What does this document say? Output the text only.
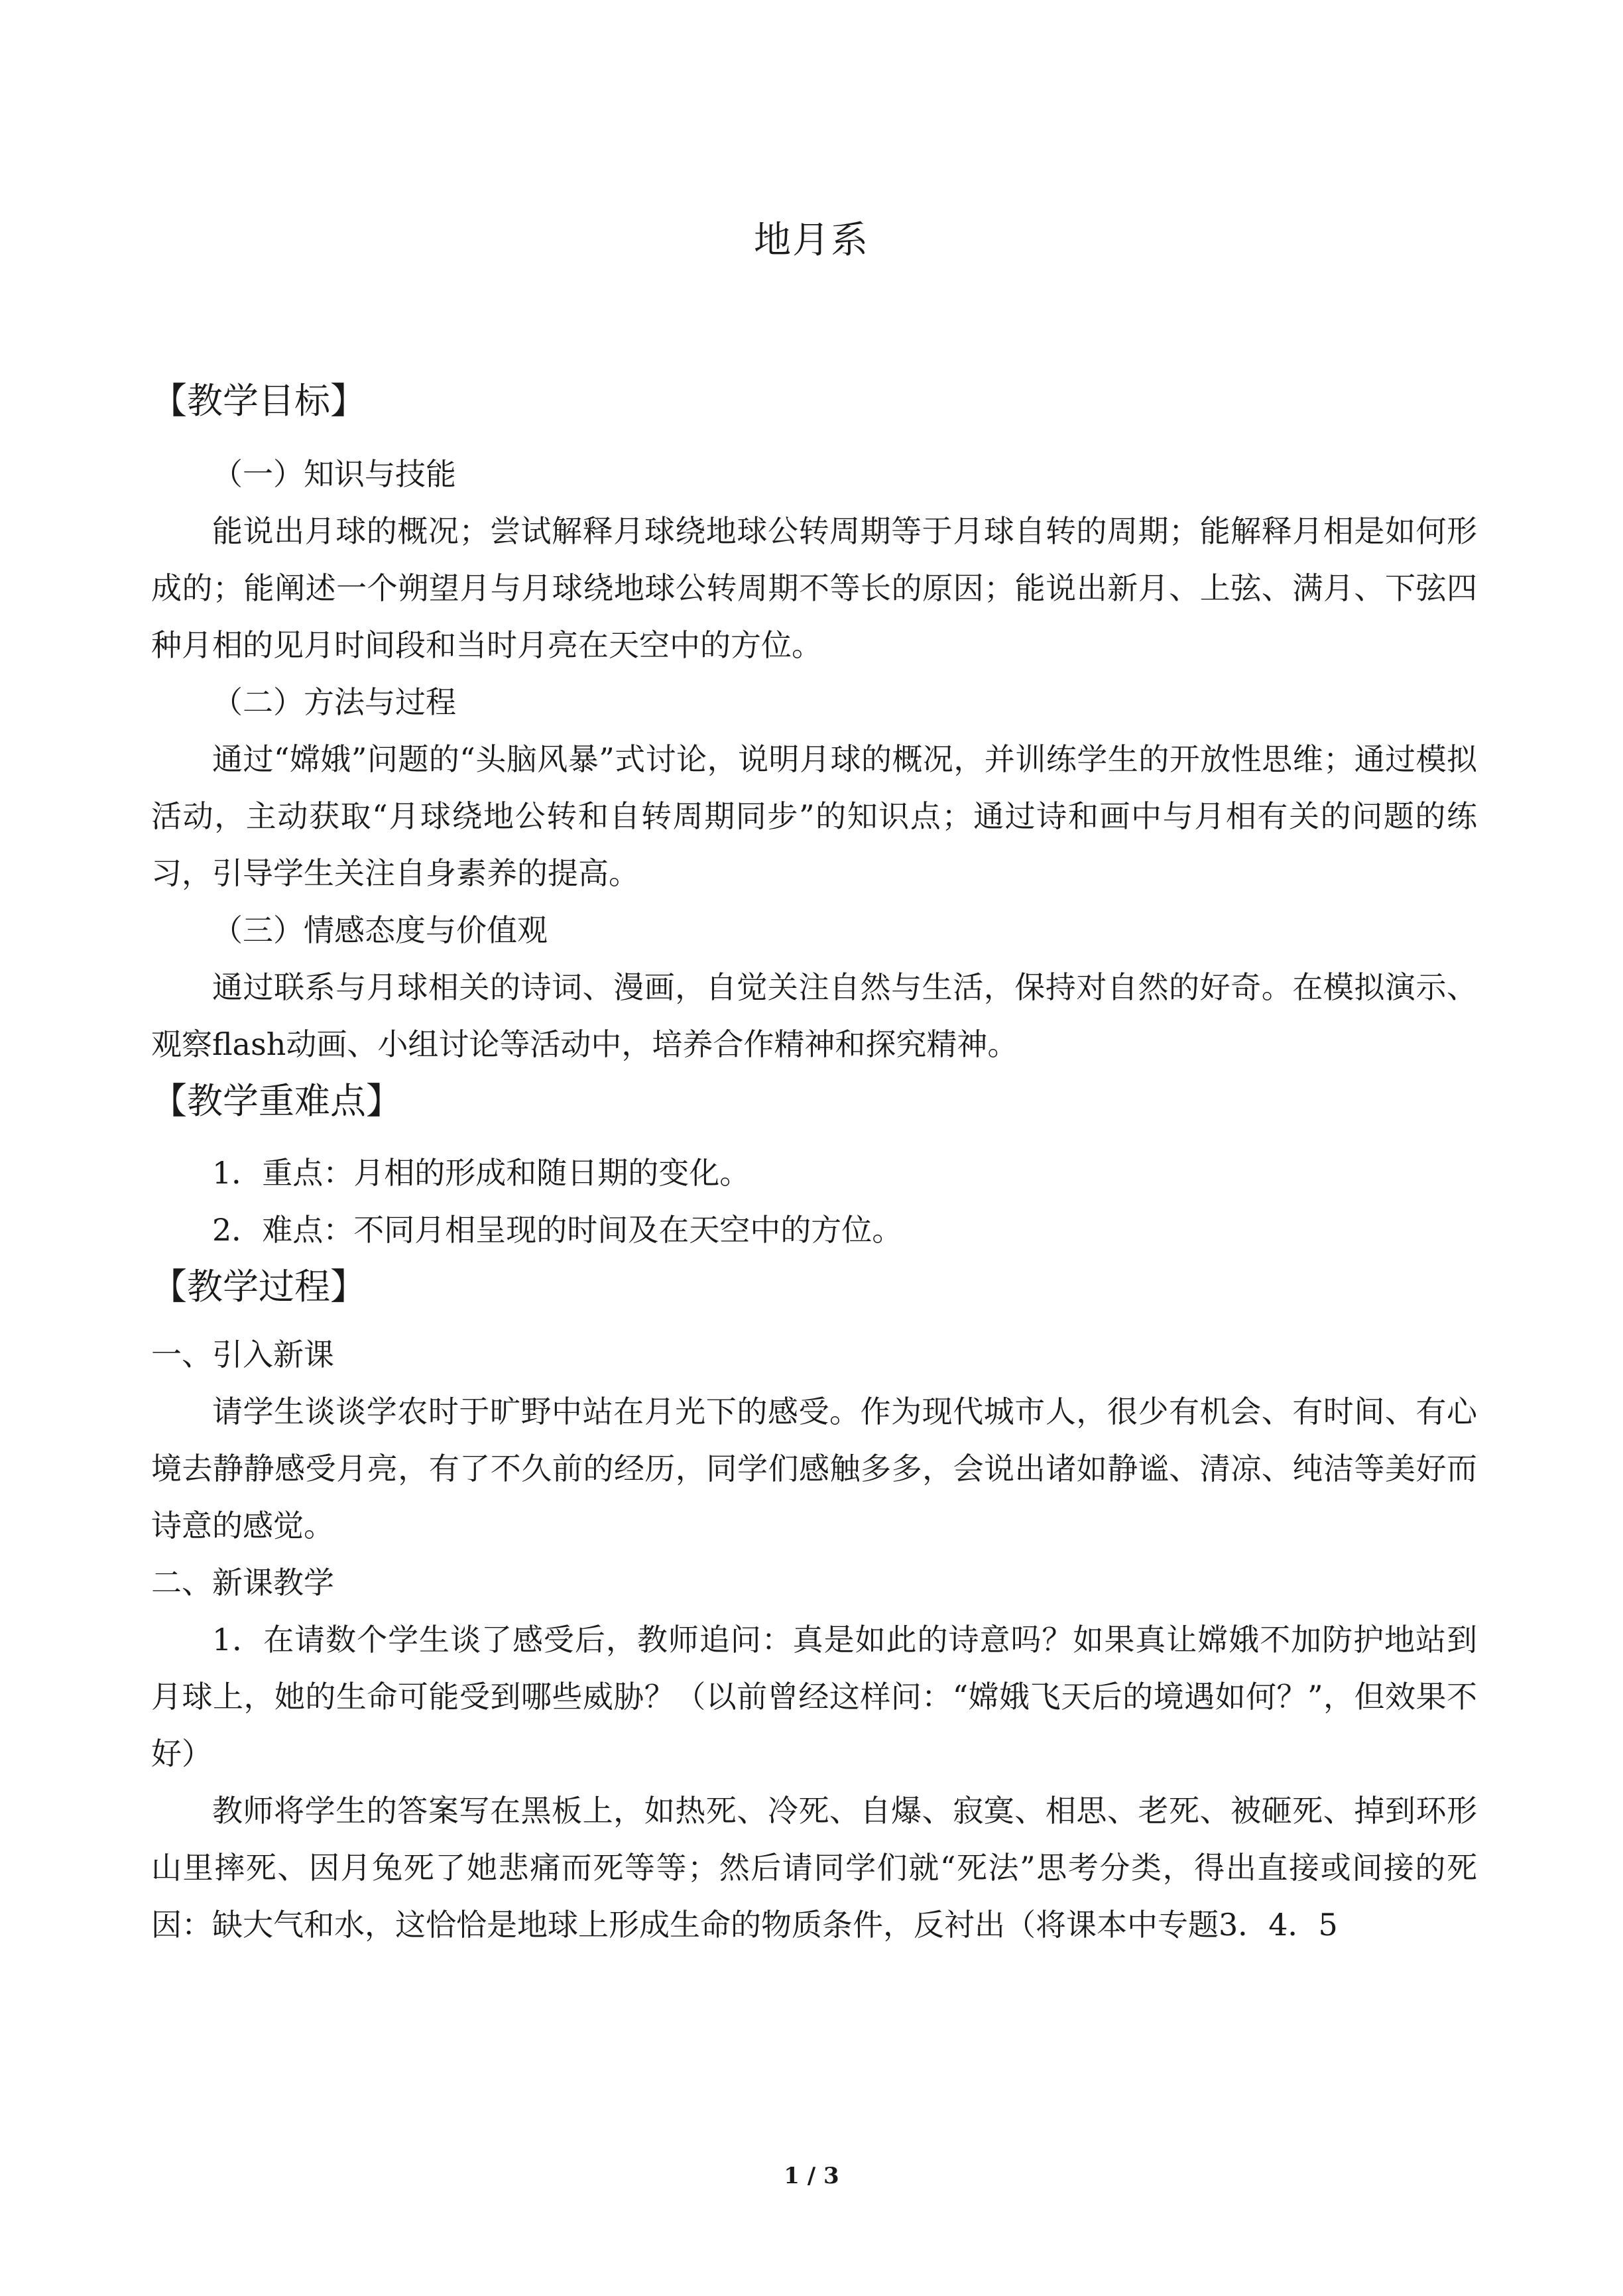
地月系

【教学目标】

（一）知识与技能

能说出月球的概况；尝试解释月球绕地球公转周期等于月球自转的周期；能解释月相是如何形成的；能阐述一个朔望月与月球绕地球公转周期不等长的原因；能说出新月、上弦、满月、下弦四种月相的见月时间段和当时月亮在天空中的方位。

（二）方法与过程

通过“嫦娥”问题的“头脑风暴”式讨论，说明月球的概况，并训练学生的开放性思维；通过模拟活动，主动获取“月球绕地公转和自转周期同步”的知识点；通过诗和画中与月相有关的问题的练习，引导学生关注自身素养的提高。

（三）情感态度与价值观

通过联系与月球相关的诗词、漫画，自觉关注自然与生活，保持对自然的好奇。在模拟演示、观察flash动画、小组讨论等活动中，培养合作精神和探究精神。

【教学重难点】

1．重点：月相的形成和随日期的变化。

2．难点：不同月相呈现的时间及在天空中的方位。

【教学过程】

一、引入新课

请学生谈谈学农时于旷野中站在月光下的感受。作为现代城市人，很少有机会、有时间、有心境去静静感受月亮，有了不久前的经历，同学们感触多多，会说出诸如静谧、清凉、纯洁等美好而诗意的感觉。

二、新课教学

1．在请数个学生谈了感受后，教师追问：真是如此的诗意吗？如果真让嫦娥不加防护地站到月球上，她的生命可能受到哪些威胁？（以前曾经这样问：“嫦娥飞天后的境遇如何？”，但效果不好）

教师将学生的答案写在黑板上，如热死、冷死、自爆、寂寞、相思、老死、被砸死、掉到环形山里摔死、因月兔死了她悲痛而死等等；然后请同学们就“死法”思考分类，得出直接或间接的死因：缺大气和水，这恰恰是地球上形成生命的物质条件，反衬出（将课本中专题3．4．5

1 / 3
